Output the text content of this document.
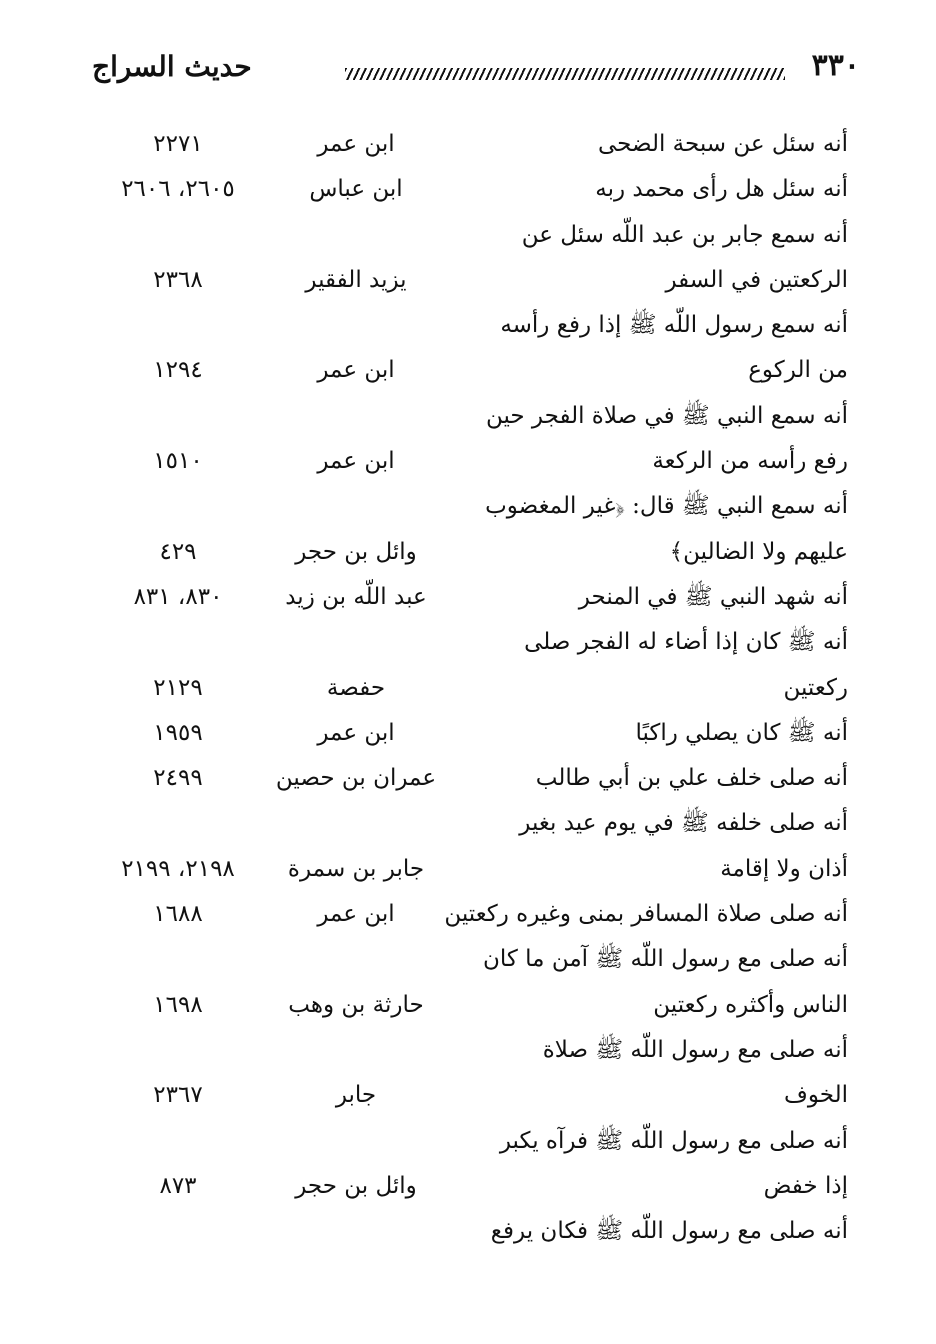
حديث السراج	٣٣٠
أنه سئل عن سبحة الضحى
ابن عمر
٢٢٧١
أنه سئل هل رأى محمد ربه
ابن عباس
٢٦٠٥، ٢٦٠٦
أنه سمع جابر بن عبد اللّه سئل عن
الركعتين في السفر
يزيد الفقير
٢٣٦٨
أنه سمع رسول اللّه ﷺ إذا رفع رأسه
من الركوع
ابن عمر
١٢٩٤
أنه سمع النبي ﷺ في صلاة الفجر حين
رفع رأسه من الركعة
ابن عمر
١٥١٠
أنه سمع النبي ﷺ قال: ﴿غير المغضوب
عليهم ولا الضالين﴾
وائل بن حجر
٤٢٩
أنه شهد النبي ﷺ في المنحر
عبد اللّه بن زيد
٨٣٠، ٨٣١
أنه ﷺ كان إذا أضاء له الفجر صلى
ركعتين
حفصة
٢١٢٩
أنه ﷺ كان يصلي راكبًا
ابن عمر
١٩٥٩
أنه صلى خلف علي بن أبي طالب
عمران بن حصين
٢٤٩٩
أنه صلى خلفه ﷺ في يوم عيد بغير
أذان ولا إقامة
جابر بن سمرة
٢١٩٨، ٢١٩٩
أنه صلى صلاة المسافر بمنى وغيره ركعتين
ابن عمر
١٦٨٨
أنه صلى مع رسول اللّه ﷺ آمن ما كان
الناس وأكثره ركعتين
حارثة بن وهب
١٦٩٨
أنه صلى مع رسول اللّه ﷺ صلاة
الخوف
جابر
٢٣٦٧
أنه صلى مع رسول اللّه ﷺ فرآه يكبر
إذا خفض
وائل بن حجر
٨٧٣
أنه صلى مع رسول اللّه ﷺ فكان يرفع
